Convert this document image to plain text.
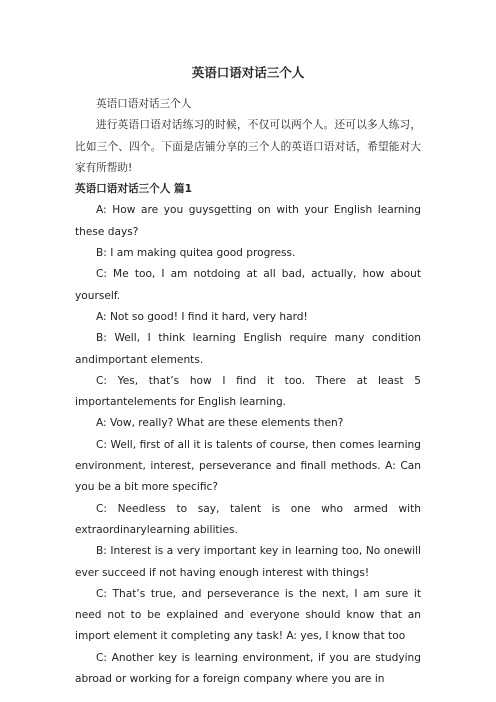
英语口语对话三个人

英语口语对话三个人

进行英语口语对话练习的时候，不仅可以两个人。还可以多人练习，比如三个、四个。下面是店铺分享的三个人的英语口语对话，希望能对大家有所帮助!

英语口语对话三个人 篇1

A: How are you guysgetting on with your English learning these days?

B: I am making quitea good progress.

C: Me too, I am notdoing at all bad, actually, how about yourself.

A: Not so good! I find it hard, very hard!

B: Well, I think learning English require many condition andimportant elements.

C: Yes, that’s how I find it too. There at least 5 importantelements for English learning.

A: Vow, really? What are these elements then?

C: Well, first of all it is talents of course, then comes learning environment, interest, perseverance and finall methods. A: Can you be a bit more specific?

C: Needless to say, talent is one who armed with extraordinarylearning abilities.

B: Interest is a very important key in learning too, No onewill ever succeed if not having enough interest with things!

C: That’s true, and perseverance is the next, I am sure it need not to be explained and everyone should know that an import element it completing any task! A: yes, I know that too

C: Another key is learning environment, if you are studying abroad or working for a foreign company where you are in
